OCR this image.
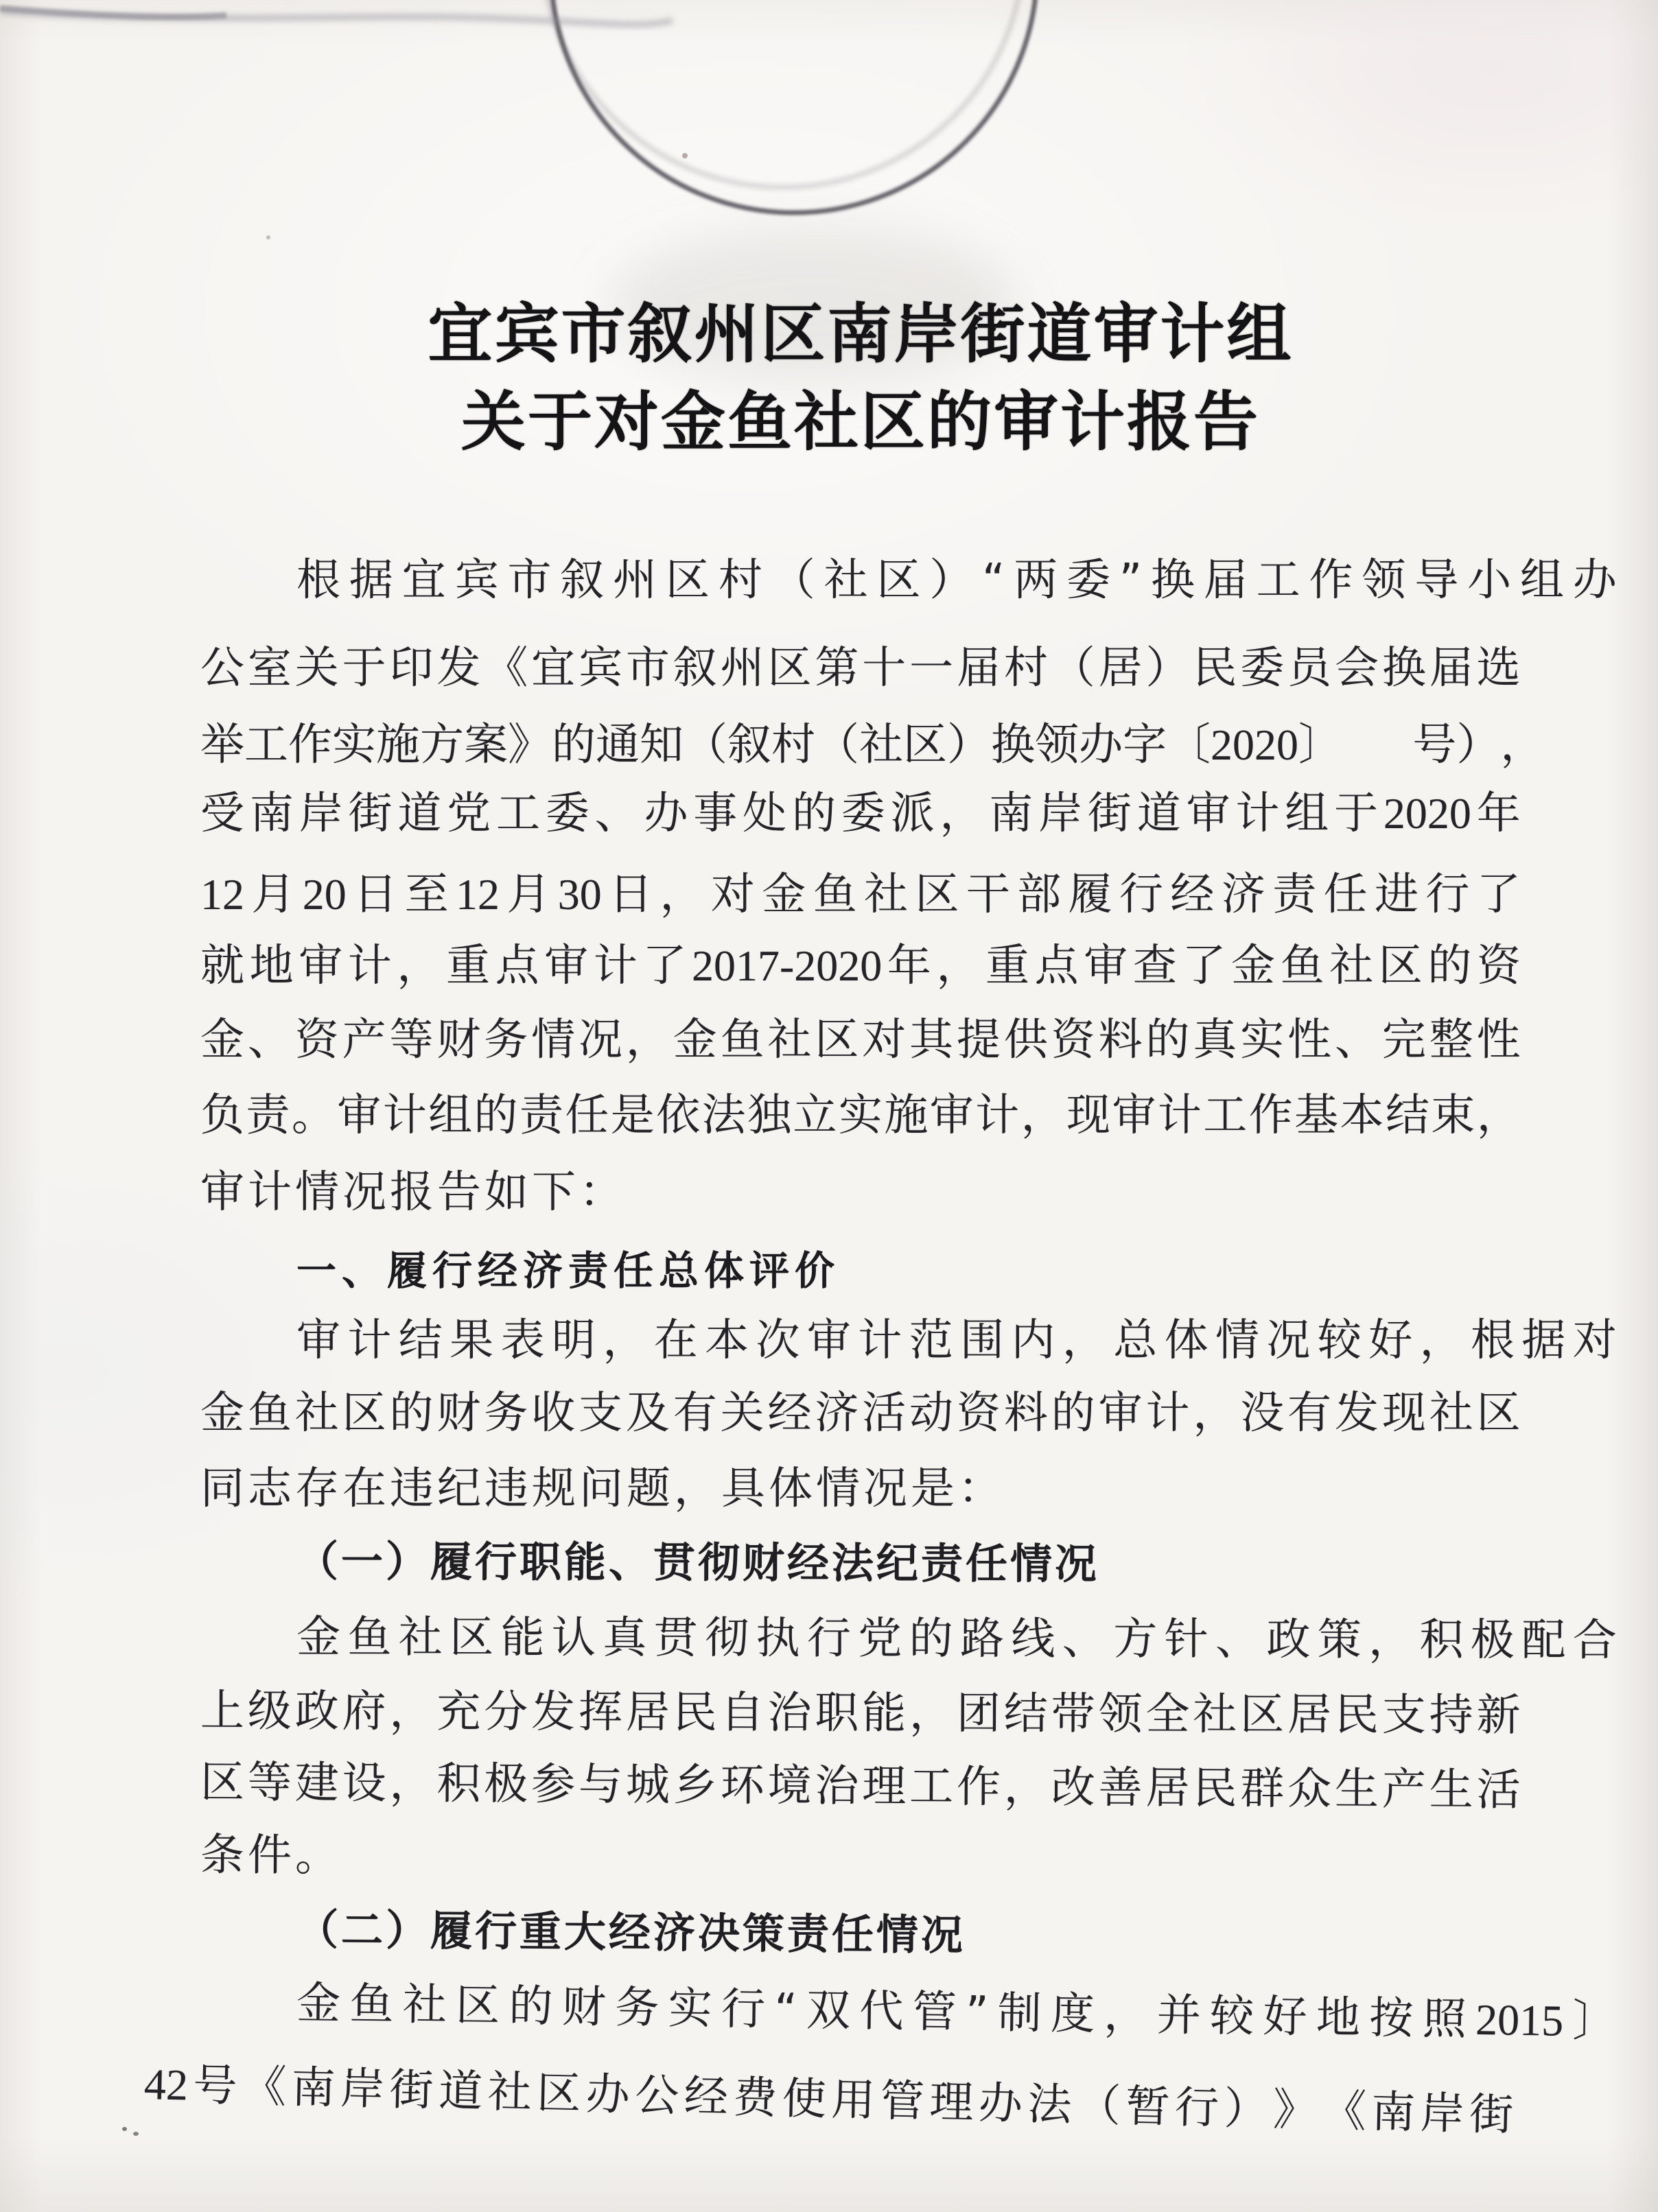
宜宾市叙州区南岸街道审计组
关于对金鱼社区的审计报告
根 据 宜 宾 市 叙 州 区 村 （ 社 区 ） “ 两 委 ” 换 届 工 作 领 导 小 组 办
公 室 关 于 印 发 《 宜 宾 市 叙 州 区 第 十 一 届 村 （ 居 ） 民 委 员 会 换 届 选
举 工 作 实 施 方 案 》 的 通 知 （ 叙 村 （ 社 区 ） 换 领 办 字 〔 2020 〕 号 ） ，
受 南 岸 街 道 党 工 委 、 办 事 处 的 委 派 ， 南 岸 街 道 审 计 组 于 2020 年
12 月 20 日 至 12 月 30 日 ， 对 金 鱼 社 区 干 部 履 行 经 济 责 任 进 行 了
就 地 审 计 ， 重 点 审 计 了 2017-2020 年 ， 重 点 审 查 了 金 鱼 社 区 的 资
金 、 资 产 等 财 务 情 况 ， 金 鱼 社 区 对 其 提 供 资 料 的 真 实 性 、 完 整 性
负 责 。 审 计 组 的 责 任 是 依 法 独 立 实 施 审 计 ， 现 审 计 工 作 基 本 结 束 ，
审计情况报告如下：
一、履行经济责任总体评价
审 计 结 果 表 明 ， 在 本 次 审 计 范 围 内 ， 总 体 情 况 较 好 ， 根 据 对
金 鱼 社 区 的 财 务 收 支 及 有 关 经 济 活 动 资 料 的 审 计 ， 没 有 发 现 社 区
同志存在违纪违规问题，具体情况是：
（一）履行职能、贯彻财经法纪责任情况
金 鱼 社 区 能 认 真 贯 彻 执 行 党 的 路 线 、 方 针 、 政 策 ， 积 极 配 合
上 级 政 府 ， 充 分 发 挥 居 民 自 治 职 能 ， 团 结 带 领 全 社 区 居 民 支 持 新
区 等 建 设 ， 积 极 参 与 城 乡 环 境 治 理 工 作 ， 改 善 居 民 群 众 生 产 生 活
条件。
（二）履行重大经济决策责任情况
金 鱼 社 区 的 财 务 实 行 “ 双 代 管 ” 制 度 ， 并 较 好 地 按 照 2015 〕
42 号 《 南 岸 街 道 社 区 办 公 经 费 使 用 管 理 办 法 （ 暂 行 ） 》 《 南 岸 街
